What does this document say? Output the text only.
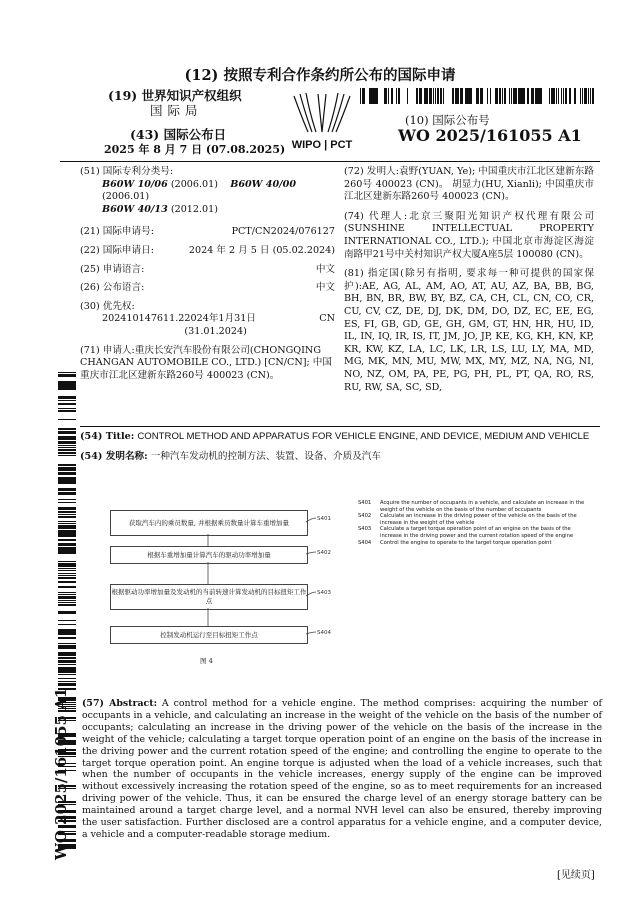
(12) 按照专利合作条约所公布的国际申请
(19) 世界知识产权组织
国际局
(43) 国际公布日
2025 年 8 月 7 日 (07.08.2025) WIPO | PCT
(10) 国际公布号
WO 2025/161055 A1
(51) 国际专利分类号:
B60W 10/06 (2006.01) B60W 40/00 (2006.01)
B60W 40/13 (2012.01)
(21) 国际申请号:	PCT/CN2024/076127
(22) 国际申请日:	2024 年 2 月 5 日 (05.02.2024)
(25) 申请语言:	中文
(26) 公布语言:	中文
(30) 优先权:
202410147611.2 2024年1月31日 (31.01.2024)
CN
(71) 申请人:重庆长安汽车股份有限公司(CHONGQING CHANGAN AUTOMOBILE CO., LTD.) [CN/CN]; 中国重庆市江北区建新东路260号 400023 (CN)。
(72) 发明人:袁野(YUAN, Ye); 中国重庆市江北区建新东路260号 400023 (CN)。 胡显力(HU, Xianli); 中国重庆市江北区建新东路260号 400023 (CN)。
(74) 代理人:北京三聚阳光知识产权代理有限公司 (SUNSHINE INTELLECTUAL PROPERTY INTERNATIONAL CO., LTD.); 中国北京市海淀区海淀南路甲21号中关村知识产权大厦A座5层 100080 (CN)。
(81) 指定国(除另有指明, 要求每一种可提供的国家保护):AE, AG, AL, AM, AO, AT, AU, AZ, BA, BB, BG, BH, BN, BR, BW, BY, BZ, CA, CH, CL, CN, CO, CR, CU, CV, CZ, DE, DJ, DK, DM, DO, DZ, EC, EE, EG, ES, FI, GB, GD, GE, GH, GM, GT, HN, HR, HU, ID, IL, IN, IQ, IR, IS, IT, JM, JO, JP, KE, KG, KH, KN, KP, KR, KW, KZ, LA, LC, LK, LR, LS, LU, LY, MA, MD, MG, MK, MN, MU, MW, MX, MY, MZ, NA, NG, NI, NO, NZ, OM, PA, PE, PG, PH, PL, PT, QA, RO, RS, RU, RW, SA, SC, SD,
WO 2025/161055 A1
(54) Title: CONTROL METHOD AND APPARATUS FOR VEHICLE ENGINE, AND DEVICE, MEDIUM AND VEHICLE
(54) 发明名称: 一种汽车发动机的控制方法、装置、设备、介质及汽车
获取汽车内的乘员数量, 并根据乘员数量计算车重增加量
根据车重增加量计算汽车的驱动功率增加量
根据驱动功率增加量及发动机的当前转速计算发动机的目标扭矩工作点
控制发动机运行至目标扭矩工作点
S401
S402
S403
S404
图 4
S401 Acquire the number of occupants in a vehicle, and calculate an increase in the weight of the vehicle on the basis of the number of occupants
S402 Calculate an increase in the driving power of the vehicle on the basis of the increase in the weight of the vehicle
S403 Calculate a target torque operation point of an engine on the basis of the increase in the driving power and the current rotation speed of the engine
S404 Control the engine to operate to the target torque operation point
(57) Abstract: A control method for a vehicle engine. The method comprises: acquiring the number of occupants in a vehicle, and calculating an increase in the weight of the vehicle on the basis of the number of occupants; calculating an increase in the driving power of the vehicle on the basis of the increase in the weight of the vehicle; calculating a target torque operation point of an engine on the basis of the increase in the driving power and the current rotation speed of the engine; and controlling the engine to operate to the target torque operation point. An engine torque is adjusted when the load of a vehicle increases, such that when the number of occupants in the vehicle increases, energy supply of the engine can be improved without excessively increasing the rotation speed of the engine, so as to meet requirements for an increased driving power of the vehicle. Thus, it can be ensured the charge level of an energy storage battery can be maintained around a target charge level, and a normal NVH level can also be ensured, thereby improving the user satisfaction. Further disclosed are a control apparatus for a vehicle engine, and a computer device, a vehicle and a computer-readable storage medium.
[见续页]
